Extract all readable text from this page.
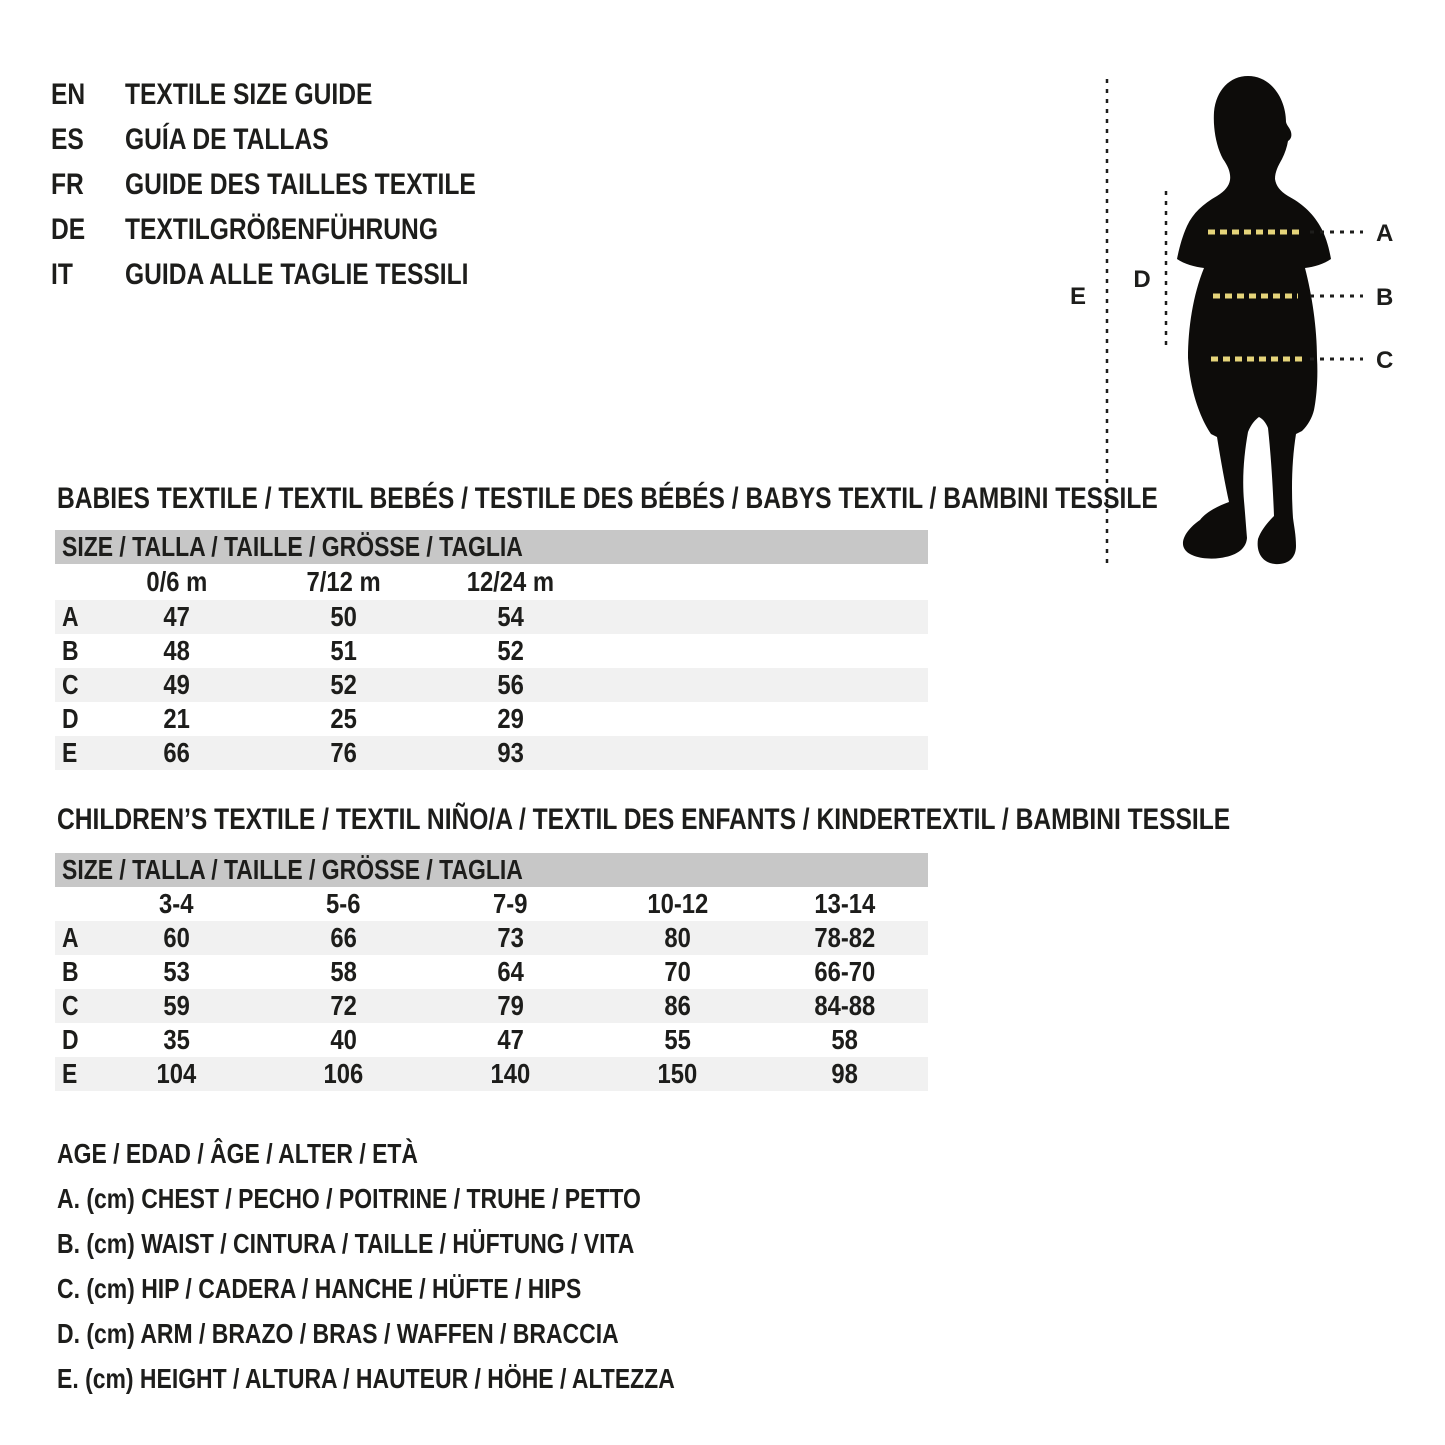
EN	TEXTILE SIZE GUIDE
ES	GUÍA DE TALLAS
FR	GUIDE DES TAILLES TEXTILE
DE	TEXTILGRÖßENFÜHRUNG
IT	GUIDA ALLE TAGLIE TESSILI
A
B
C
D
E
BABIES TEXTILE / TEXTIL BEBÉS / TESTILE DES BÉBÉS / BABYS TEXTIL / BAMBINI TESSILE
SIZE / TALLA / TAILLE / GRÖSSE / TAGLIA
	0/6 m	7/12 m	12/24 m	
A	47	50	54	
B	48	51	52	
C	49	52	56	
D	21	25	29	
E	66	76	93	
CHILDREN’S TEXTILE / TEXTIL NIÑO/A / TEXTIL DES ENFANTS / KINDERTEXTIL / BAMBINI TESSILE
SIZE / TALLA / TAILLE / GRÖSSE / TAGLIA
	3-4	5-6	7-9	10-12	13-14
A	60	66	73	80	78-82
B	53	58	64	70	66-70
C	59	72	79	86	84-88
D	35	40	47	55	58
E	104	106	140	150	98
AGE / EDAD / ÂGE / ALTER / ETÀ
A. (cm) CHEST / PECHO / POITRINE / TRUHE / PETTO
B. (cm) WAIST / CINTURA / TAILLE / HÜFTUNG / VITA
C. (cm) HIP / CADERA / HANCHE / HÜFTE / HIPS
D. (cm) ARM / BRAZO / BRAS / WAFFEN / BRACCIA
E. (cm) HEIGHT / ALTURA / HAUTEUR / HÖHE / ALTEZZA
